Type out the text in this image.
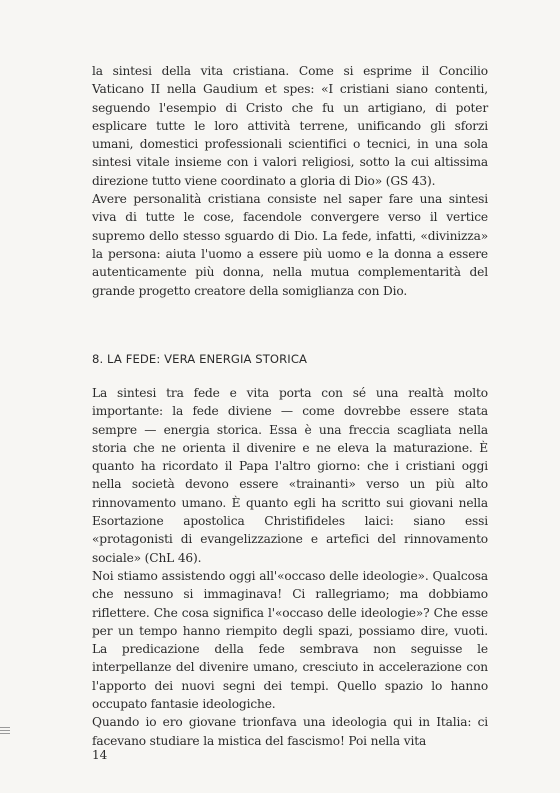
la sintesi della vita cristiana. Come si esprime il Concilio Vaticano II nella Gaudium et spes: «I cristiani siano contenti, seguendo l'esempio di Cristo che fu un artigiano, di poter esplicare tutte le loro attività terrene, unificando gli sforzi umani, domestici professionali scientifici o tecnici, in una sola sintesi vitale insieme con i valori religiosi, sotto la cui altissima direzione tutto viene coordinato a gloria di Dio» (GS 43).

Avere personalità cristiana consiste nel saper fare una sintesi viva di tutte le cose, facendole convergere verso il vertice supremo dello stesso sguardo di Dio. La fede, infatti, «divinizza» la persona: aiuta l'uomo a essere più uomo e la donna a essere autenticamente più donna, nella mutua complementarità del grande progetto creatore della somiglianza con Dio.

8. LA FEDE: VERA ENERGIA STORICA

La sintesi tra fede e vita porta con sé una realtà molto importante: la fede diviene — come dovrebbe essere stata sempre — energia storica. Essa è una freccia scagliata nella storia che ne orienta il divenire e ne eleva la maturazione. È quanto ha ricordato il Papa l'altro giorno: che i cristiani oggi nella società devono essere «trainanti» verso un più alto rinnovamento umano. È quanto egli ha scritto sui giovani nella Esortazione apostolica Christifideles laici: siano essi «protagonisti di evangelizzazione e artefici del rinnovamento sociale» (ChL 46).

Noi stiamo assistendo oggi all'«occaso delle ideologie». Qualcosa che nessuno si immaginava! Ci rallegriamo; ma dobbiamo riflettere. Che cosa significa l'«occaso delle ideologie»? Che esse per un tempo hanno riempito degli spazi, possiamo dire, vuoti. La predicazione della fede sembrava non seguisse le interpellanze del divenire umano, cresciuto in accelerazione con l'apporto dei nuovi segni dei tempi. Quello spazio lo hanno occupato fantasie ideologiche.

Quando io ero giovane trionfava una ideologia qui in Italia: ci facevano studiare la mistica del fascismo! Poi nella vita

14
